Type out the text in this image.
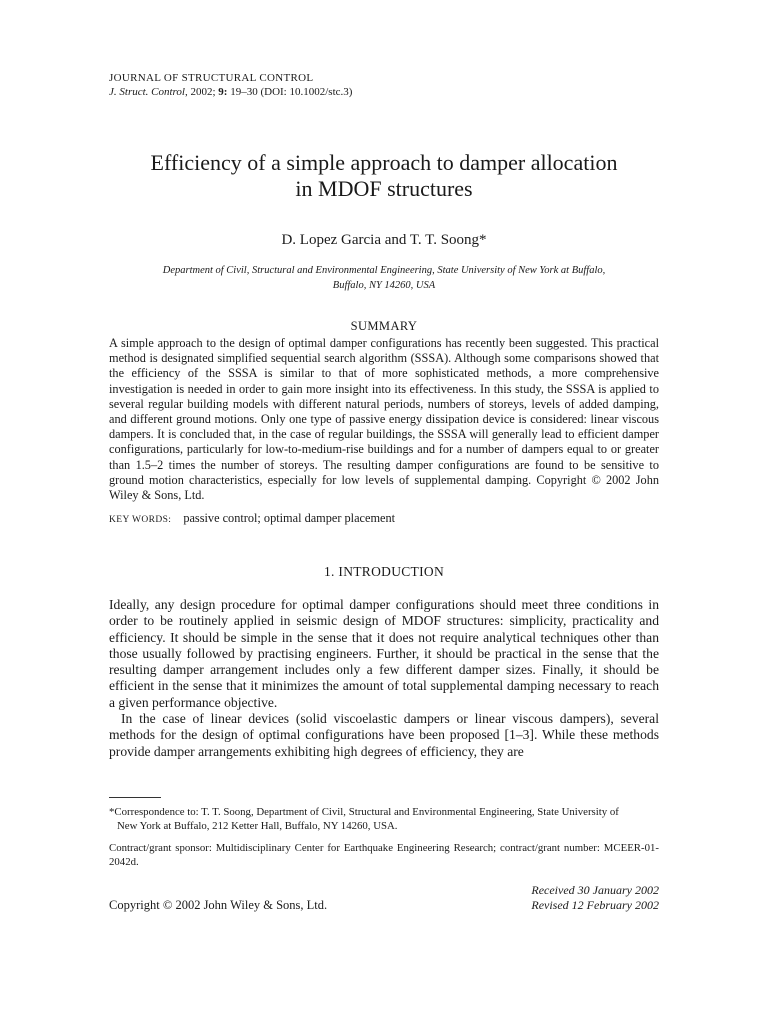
JOURNAL OF STRUCTURAL CONTROL
J. Struct. Control, 2002; 9: 19–30 (DOI: 10.1002/stc.3)
Efficiency of a simple approach to damper allocation
in MDOF structures
D. Lopez Garcia and T. T. Soong*
Department of Civil, Structural and Environmental Engineering, State University of New York at Buffalo,
Buffalo, NY 14260, USA
SUMMARY

A simple approach to the design of optimal damper configurations has recently been suggested. This practical method is designated simplified sequential search algorithm (SSSA). Although some comparisons showed that the efficiency of the SSSA is similar to that of more sophisticated methods, a more comprehensive investigation is needed in order to gain more insight into its effectiveness. In this study, the SSSA is applied to several regular building models with different natural periods, numbers of storeys, levels of added damping, and different ground motions. Only one type of passive energy dissipation device is considered: linear viscous dampers. It is concluded that, in the case of regular buildings, the SSSA will generally lead to efficient damper configurations, particularly for low-to-medium-rise buildings and for a number of dampers equal to or greater than 1.5–2 times the number of storeys. The resulting damper configurations are found to be sensitive to ground motion characteristics, especially for low levels of supplemental damping. Copyright © 2002 John Wiley & Sons, Ltd.

KEY WORDS: passive control; optimal damper placement
1. INTRODUCTION

Ideally, any design procedure for optimal damper configurations should meet three conditions in order to be routinely applied in seismic design of MDOF structures: simplicity, practicality and efficiency. It should be simple in the sense that it does not require analytical techniques other than those usually followed by practising engineers. Further, it should be practical in the sense that the resulting damper arrangement includes only a few different damper sizes. Finally, it should be efficient in the sense that it minimizes the amount of total supplemental damping necessary to reach a given performance objective.

In the case of linear devices (solid viscoelastic dampers or linear viscous dampers), several methods for the design of optimal configurations have been proposed [1–3]. While these methods provide damper arrangements exhibiting high degrees of efficiency, they are

*Correspondence to: T. T. Soong, Department of Civil, Structural and Environmental Engineering, State University of
New York at Buffalo, 212 Ketter Hall, Buffalo, NY 14260, USA.

Contract/grant sponsor: Multidisciplinary Center for Earthquake Engineering Research; contract/grant number: MCEER-01-2042d.

Received 30 January 2002
Revised 12 February 2002
Copyright © 2002 John Wiley & Sons, Ltd.
